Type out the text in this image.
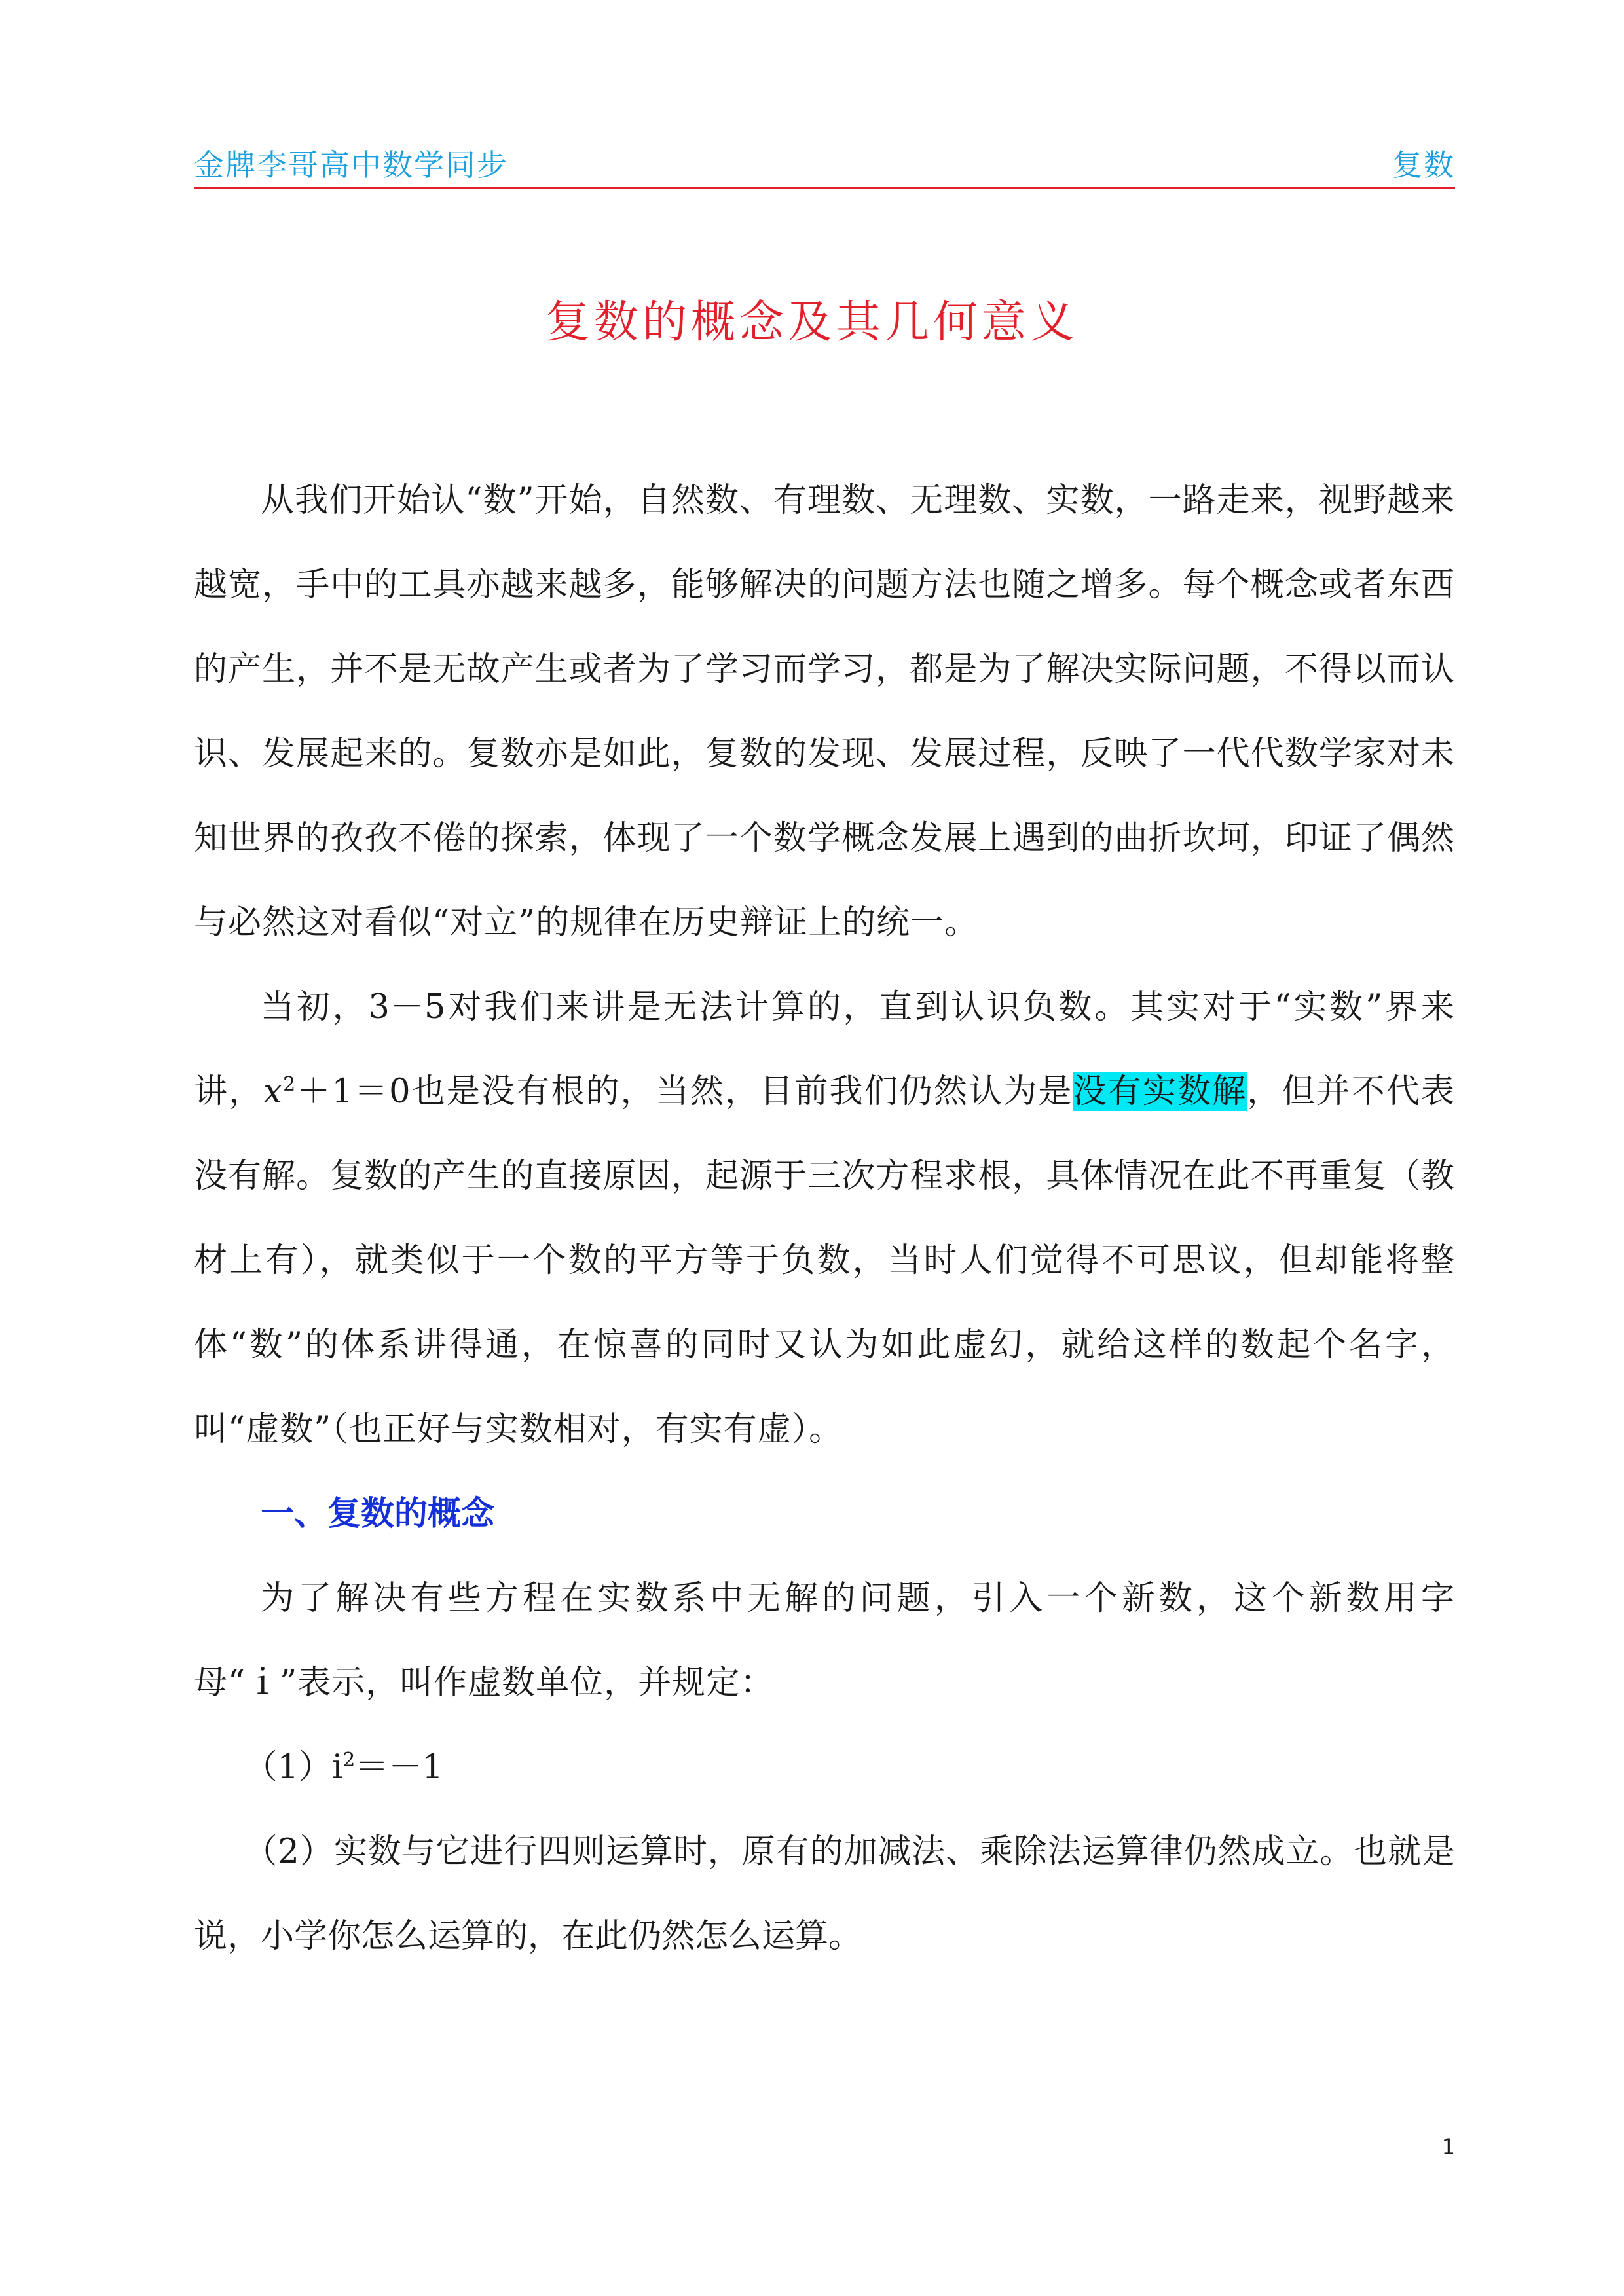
金牌李哥高中数学同步	复数
复数的概念及其几何意义

从我们开始认“数”开始，自然数、有理数、无理数、实数，一路走来，视野越来越宽，手中的工具亦越来越多，能够解决的问题方法也随之增多。每个概念或者东西的产生，并不是无故产生或者为了学习而学习，都是为了解决实际问题，不得以而认识、发展起来的。复数亦是如此，复数的发现、发展过程，反映了一代代数学家对未知世界的孜孜不倦的探索，体现了一个数学概念发展上遇到的曲折坎坷，印证了偶然与必然这对看似“对立”的规律在历史辩证上的统一。

当初，3－5对我们来讲是无法计算的，直到认识负数。其实对于“实数”界来讲，$x^2+1=0$也是没有根的，当然，目前我们仍然认为是没有实数解，但并不代表没有解。复数的产生的直接原因，起源于三次方程求根，具体情况在此不再重复（教材上有），就类似于一个数的平方等于负数，当时人们觉得不可思议，但却能将整体“数”的体系讲得通，在惊喜的同时又认为如此虚幻，就给这样的数起个名字，叫“虚数”（也正好与实数相对，有实有虚）。

一、复数的概念

为了解决有些方程在实数系中无解的问题，引入一个新数，这个新数用字母“ｉ”表示，叫作虚数单位，并规定：

$(1)i^2=-1$

（2）实数与它进行四则运算时，原有的加减法、乘除法运算律仍然成立。也就是说，小学你怎么运算的，在此仍然怎么运算。

1
